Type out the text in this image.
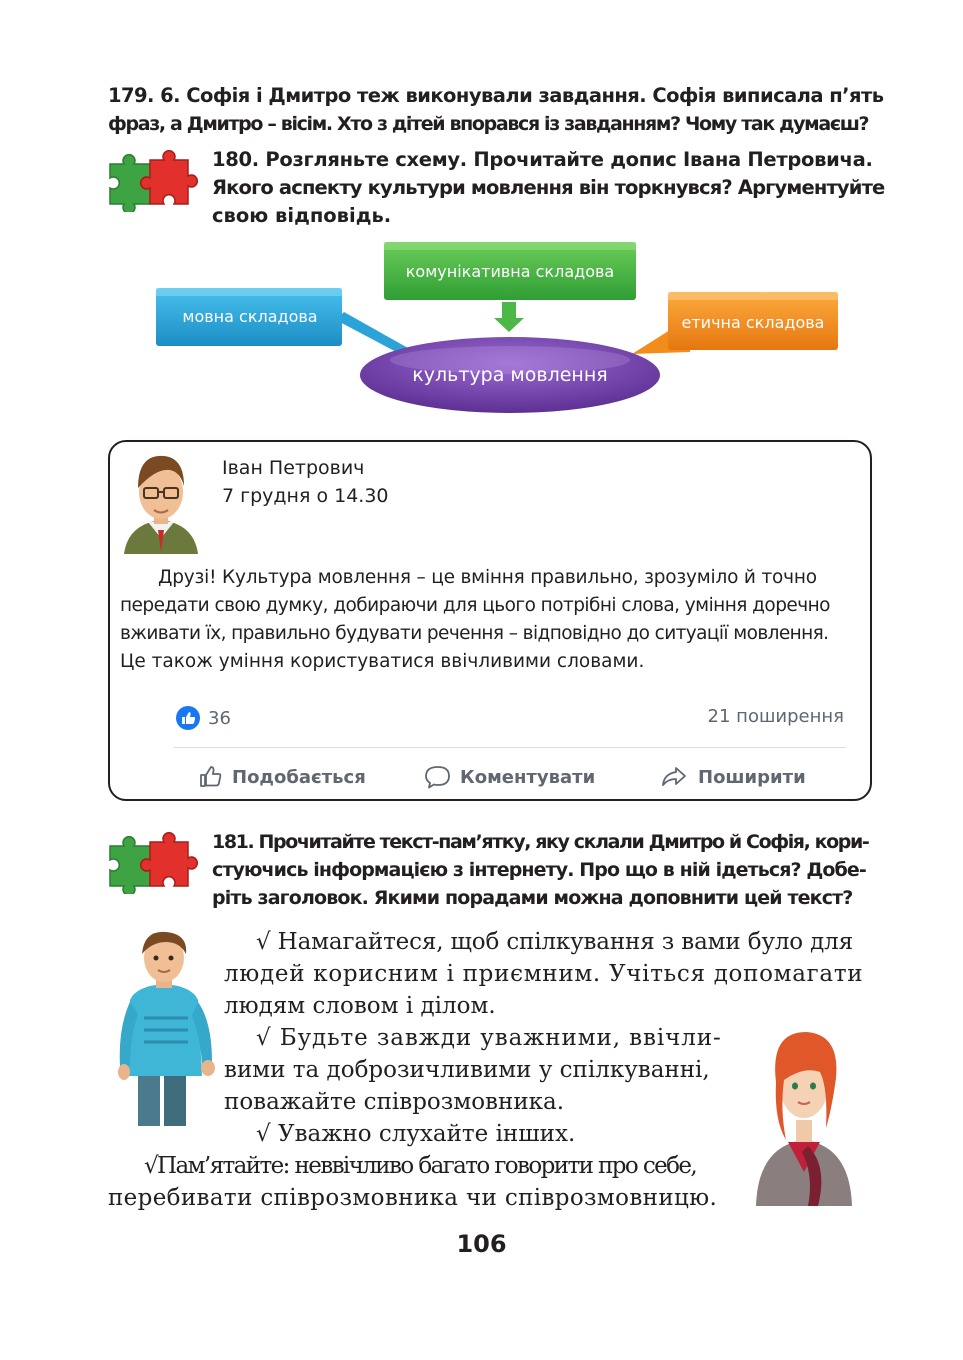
179. 6. Софія і Дмитро теж виконували завдання. Софія виписала п’ять
фраз, а Дмитро – вісім. Хто з дітей впорався із завданням? Чому так думаєш?
180. Розгляньте схему. Прочитайте допис Івана Петровича.
Якого аспекту культури мовлення він торкнувся? Аргументуйте
свою відповідь.
комунікативна складова
мовна складова	етична складова
культура мовлення
Іван Петрович
7 грудня о 14.30
Друзі! Культура мовлення – це вміння правильно, зрозуміло й точно
передати свою думку, добираючи для цього потрібні слова, уміння доречно
вживати їх, правильно будувати речення – відповідно до ситуації мовлення.
Це також уміння користуватися ввічливими словами.
36	21 поширення
Подобається	Коментувати	Поширити
181. Прочитайте текст-пам’ятку, яку склали Дмитро й Софія, кори-
стуючись інформацією з інтернету. Про що в ній ідеться? Добе-
ріть заголовок. Якими порадами можна доповнити цей текст?

√ Намагайтеся, щоб спілкування з вами було для

людей корисним і приємним. Учіться допомагати

людям словом і ділом.

√ Будьте завжди уважними, ввічли-

вими та доброзичливими у спілкуванні,

поважайте співрозмовника.

√ Уважно слухайте інших.

√Пам’ятайте: неввічливо багато говорити про себе,

перебивати співрозмовника чи співрозмовницю.

106
